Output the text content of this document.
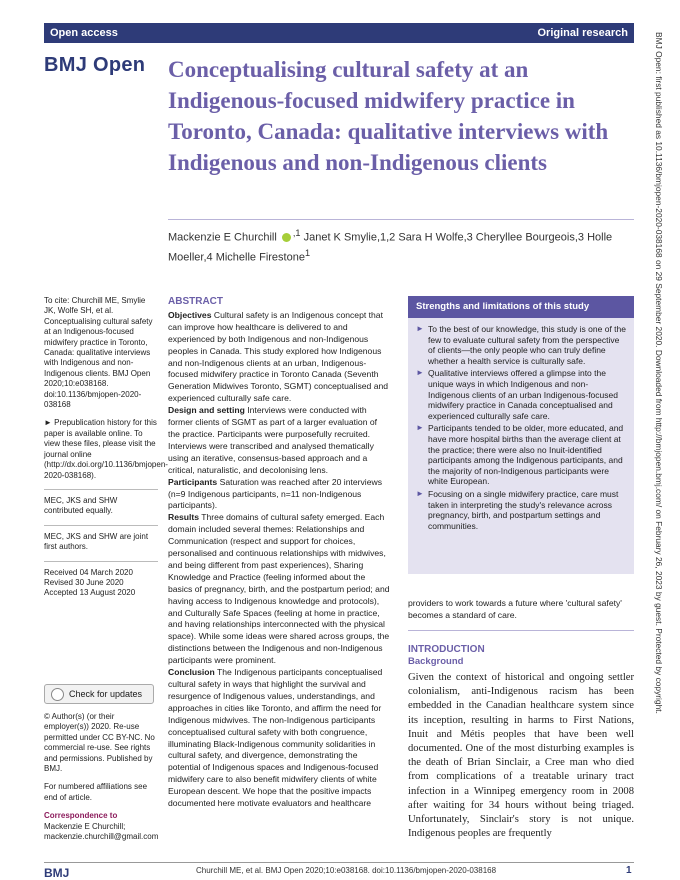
Open access	Original research
BMJ Open Conceptualising cultural safety at an Indigenous-focused midwifery practice in Toronto, Canada: qualitative interviews with Indigenous and non-Indigenous clients
Mackenzie E Churchill $^{,1}$ Janet K Smylie,1,2 Sara H Wolfe,3 Cheryllee Bourgeois,3 Holle Moeller,4 Michelle Firestone$^1$

To cite: Churchill ME, Smylie JK, Wolfe SH, et al. Conceptualising cultural safety at an Indigenous-focused midwifery practice in Toronto, Canada: qualitative interviews with Indigenous and non-Indigenous clients. BMJ Open 2020;10:e038168. doi:10.1136/bmjopen-2020-038168

► Prepublication history for this paper is available online. To view these files, please visit the journal online (http://dx.doi.org/10.1136/bmjopen-2020-038168).

MEC, JKS and SHW contributed equally.

MEC, JKS and SHW are joint first authors.

Received 04 March 2020
Revised 30 June 2020
Accepted 13 August 2020
Check for updates

© Author(s) (or their employer(s)) 2020. Re-use permitted under CC BY-NC. No commercial re-use. See rights and permissions. Published by BMJ.

For numbered affiliations see end of article.

Correspondence to
Mackenzie E Churchill;
mackenzie.churchill@gmail.com
ABSTRACT

Objectives Cultural safety is an Indigenous concept that can improve how healthcare is delivered to and experienced by both Indigenous and non-Indigenous peoples in Canada. This study explored how Indigenous and non-Indigenous clients at an urban, Indigenous-focused midwifery practice in Toronto Canada (Seventh Generation Midwives Toronto, SGMT) conceptualised and experienced culturally safe care.

Design and setting Interviews were conducted with former clients of SGMT as part of a larger evaluation of the practice. Participants were purposefully recruited. Interviews were transcribed and analysed thematically using an iterative, consensus-based approach and a critical, naturalistic, and decolonising lens.

Participants Saturation was reached after 20 interviews (n=9 Indigenous participants, n=11 non-Indigenous participants).

Results Three domains of cultural safety emerged. Each domain included several themes: Relationships and Communication (respect and support for choices, personalised and continuous relationships with midwives, and being different from past experiences), Sharing Knowledge and Practice (feeling informed about the basics of pregnancy, birth, and the postpartum period; and having access to Indigenous knowledge and protocols), and Culturally Safe Spaces (feeling at home in practice, and having relationships interconnected with the physical space). While some ideas were shared across groups, the distinctions between the Indigenous and non-Indigenous participants were prominent.

Conclusion The Indigenous participants conceptualised cultural safety in ways that highlight the survival and resurgence of Indigenous values, understandings, and approaches in cities like Toronto, and affirm the need for Indigenous midwives. The non-Indigenous participants conceptualised cultural safety with both congruence, illuminating Black-Indigenous community solidarities in cultural safety, and divergence, demonstrating the potential of Indigenous spaces and Indigenous-focused midwifery care to also benefit midwifery clients of white European descent. We hope that the positive impacts documented here motivate evaluators and healthcare

Strengths and limitations of this study
► To the best of our knowledge, this study is one of the few to evaluate cultural safety from the perspective of clients—the only people who can truly define whether a health service is culturally safe.
► Qualitative interviews offered a glimpse into the unique ways in which Indigenous and non-Indigenous clients of an urban Indigenous-focused midwifery practice in Canada conceptualised and experienced culturally safe care.
► Participants tended to be older, more educated, and have more hospital births than the average client at the practice; there were also no Inuit-identified participants among the Indigenous participants, and the majority of non-Indigenous participants were white European.
► Focusing on a single midwifery practice, care must taken in interpreting the study's relevance across pregnancy, birth, and postpartum settings and communities.
providers to work towards a future where 'cultural safety' becomes a standard of care.
INTRODUCTION
Background
Given the context of historical and ongoing settler colonialism, anti-Indigenous racism has been embedded in the Canadian healthcare system since its inception, resulting in harms to First Nations, Inuit and Métis peoples that have been well documented. One of the most disturbing examples is the death of Brian Sinclair, a Cree man who died from complications of a treatable urinary tract infection in a Winnipeg emergency room in 2008 after waiting for 34 hours without being triaged. Unfortunately, Sinclair's story is not unique. Indigenous peoples are frequently
BMJ	Churchill ME, et al. BMJ Open 2020;10:e038168. doi:10.1136/bmjopen-2020-038168	1
BMJ Open: first published as 10.1136/bmjopen-2020-038168 on 29 September 2020. Downloaded from http://bmjopen.bmj.com/ on February 26, 2023 by guest. Protected by copyright.
